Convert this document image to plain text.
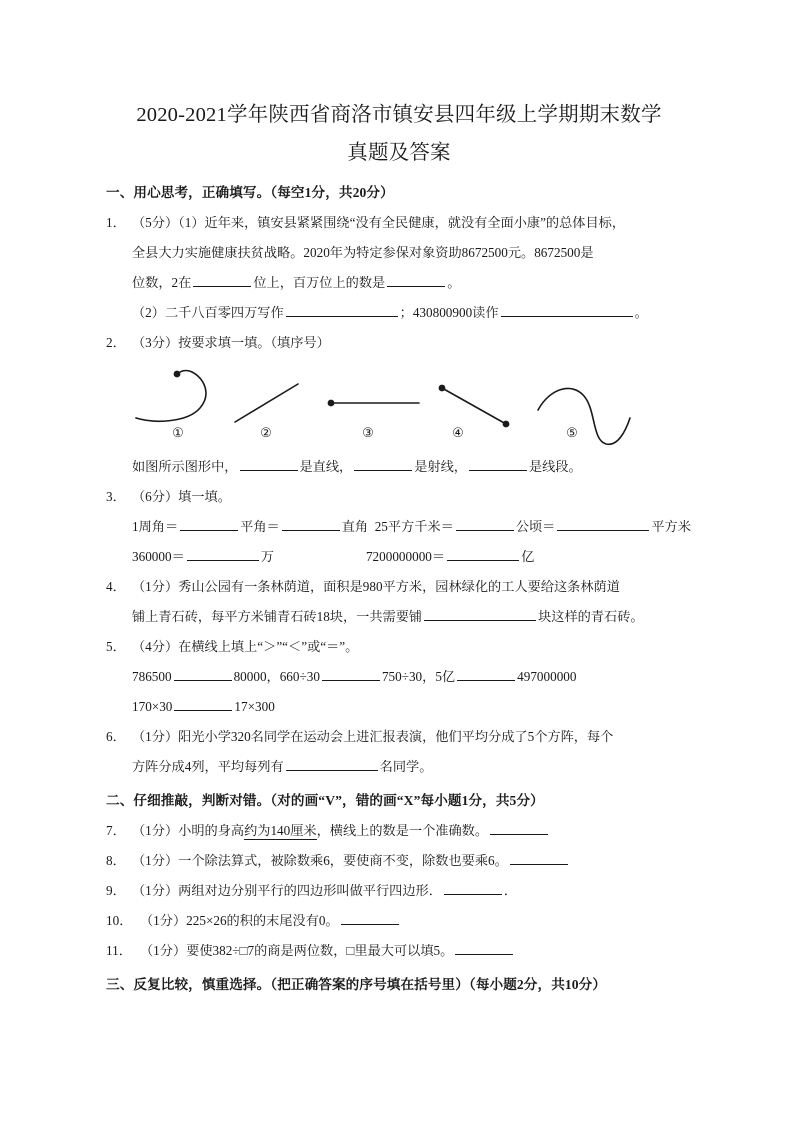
2020-2021学年陕西省商洛市镇安县四年级上学期期末数学
真题及答案
一、用心思考，正确填写。（每空1分，共20分）
1． （5分）（1）近年来，镇安县紧紧围绕“没有全民健康，就没有全面小康”的总体目标，
全县大力实施健康扶贫战略。2020年为特定参保对象资助8672500元。8672500是
位数，2在	位上，百万位上的数是	。
（2）二千八百零四万写作	；430800900读作	。
2． （3分）按要求填一填。（填序号）
①	②	③	④	⑤
如图所示图形中，	是直线，	是射线，	是线段。
3． （6分）填一填。
1周角＝	平角＝	直角 25平方千米＝	公顷＝	平方米
360000＝	万	7200000000＝	亿
4． （1分）秀山公园有一条林荫道，面积是980平方米，园林绿化的工人要给这条林荫道
铺上青石砖，每平方米铺青石砖18块，一共需要铺	块这样的青石砖。
5． （4分）在横线上填上“＞”“＜”或“＝”。
786500	80000，660÷30	750÷30，5亿	497000000
170×30	17×300
6． （1分）阳光小学320名同学在运动会上进汇报表演，他们平均分成了5个方阵，每个
方阵分成4列，平均每列有	名同学。
二、仔细推敲，判断对错。（对的画“V”，错的画“X”每小题1分，共5分）
7． （1分）小明的身高约为140厘米，横线上的数是一个准确数。
8． （1分）一个除法算式，被除数乘6，要使商不变，除数也要乘6。
9． （1分）两组对边分别平行的四边形叫做平行四边形．	．
10． （1分）225×26的积的末尾没有0。
11． （1分）要使382÷□7的商是两位数，□里最大可以填5。
三、反复比较，慎重选择。（把正确答案的序号填在括号里）（每小题2分，共10分）
